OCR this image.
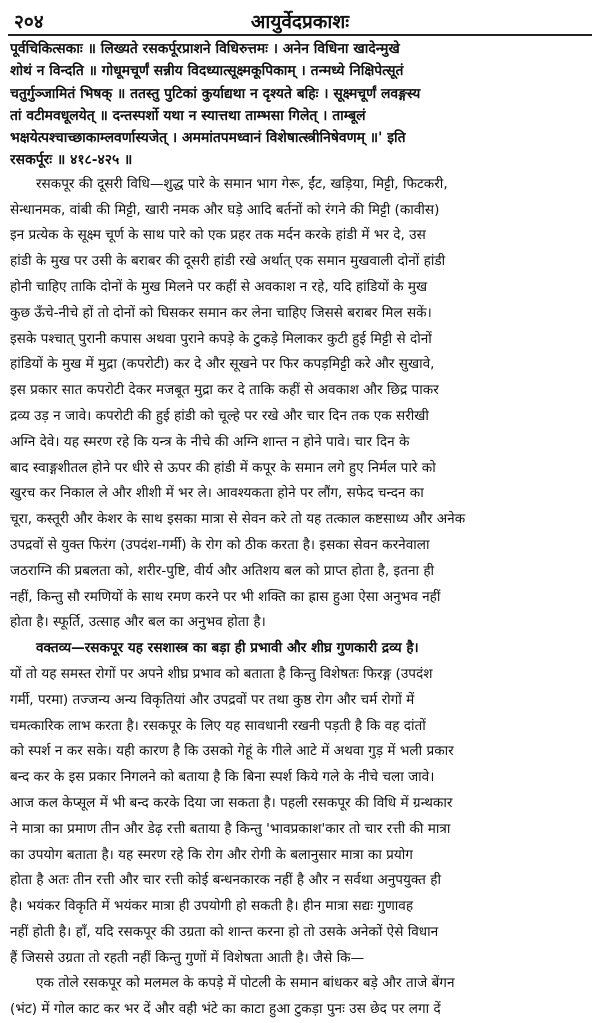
२०४	आयुर्वेदप्रकाशः
पूर्वचिकित्सकाः ॥ लिख्यते रसकर्पूरप्राशने विधिरुत्तमः । अनेन विधिना खादेन्मुखे
शोथं न विन्दति ॥ गोधूमचूर्णं सन्नीय विदध्यात्सूक्ष्मकूपिकाम् । तन्मध्ये निक्षिपेत्सूतं
चतुर्गुञ्जामितं भिषक् ॥ ततस्तु पुटिकां कुर्याद्यथा न दृश्यते बहिः । सूक्ष्मचूर्णं लवङ्गस्य
तां वटीमवधूलयेत् ॥ दन्तस्पर्शो यथा न स्यात्तथा ताम्भसा गिलेत् । ताम्बूलं
भक्षयेत्पश्चाच्छाकाम्लवर्णास्यजेत् । अममांतपमध्वानं विशेषात्स्त्रीनिषेवणम् ॥' इति
रसकर्पूरः ॥ ४१८-४२५ ॥
रसकपूर की दूसरी विधि—शुद्ध पारे के समान भाग गेरू, ईंट, खड़िया, मिट्टी, फिटकरी,
सेन्धानमक, वांबी की मिट्टी, खारी नमक और घड़े आदि बर्तनों को रंगने की मिट्टी (कावीस)
इन प्रत्येक के सूक्ष्म चूर्ण के साथ पारे को एक प्रहर तक मर्दन करके हांडी में भर दे, उस
हांडी के मुख पर उसी के बराबर की दूसरी हांडी रखे अर्थात् एक समान मुखवाली दोनों हांडी
होनी चाहिए ताकि दोनों के मुख मिलने पर कहीं से अवकाश न रहे, यदि हांडियों के मुख
कुछ ऊँचे-नीचे हों तो दोनों को घिसकर समान कर लेना चाहिए जिससे बराबर मिल सकें।
इसके पश्चात् पुरानी कपास अथवा पुराने कपड़े के टुकड़े मिलाकर कुटी हुई मिट्टी से दोनों
हांडियों के मुख में मुद्रा (कपरोटी) कर दे और सूखने पर फिर कपड़मिट्टी करे और सुखावे,
इस प्रकार सात कपरोटी देकर मजबूत मुद्रा कर दे ताकि कहीं से अवकाश और छिद्र पाकर
द्रव्य उड़ न जावे। कपरोटी की हुई हांडी को चूल्हे पर रखे और चार दिन तक एक सरीखी
अग्नि देवे। यह स्मरण रहे कि यन्त्र के नीचे की अग्नि शान्त न होने पावे। चार दिन के
बाद स्वाङ्गशीतल होने पर धीरे से ऊपर की हांडी में कपूर के समान लगे हुए निर्मल पारे को
खुरच कर निकाल ले और शीशी में भर ले। आवश्यकता होने पर लौंग, सफेद चन्दन का
चूरा, कस्तूरी और केशर के साथ इसका मात्रा से सेवन करे तो यह तत्काल कष्टसाध्य और अनेक
उपद्रवों से युक्त फिरंग (उपदंश-गर्मी) के रोग को ठीक करता है। इसका सेवन करनेवाला
जठराग्नि की प्रबलता को, शरीर-पुष्टि, वीर्य और अतिशय बल को प्राप्त होता है, इतना ही
नहीं, किन्तु सौ रमणियों के साथ रमण करने पर भी शक्ति का ह्रास हुआ ऐसा अनुभव नहीं
होता है। स्फूर्ति, उत्साह और बल का अनुभव होता है।
वक्तव्य—रसकपूर यह रसशास्त्र का बड़ा ही प्रभावी और शीघ्र गुणकारी द्रव्य है।
यों तो यह समस्त रोगों पर अपने शीघ्र प्रभाव को बताता है किन्तु विशेषतः फिरङ्ग (उपदंश
गर्मी, परमा) तज्जन्य अन्य विकृतियां और उपद्रवों पर तथा कुष्ठ रोग और चर्म रोगों में
चमत्कारिक लाभ करता है। रसकपूर के लिए यह सावधानी रखनी पड़ती है कि वह दांतों
को स्पर्श न कर सके। यही कारण है कि उसको गेहूं के गीले आटे में अथवा गुड़ में भली प्रकार
बन्द कर के इस प्रकार निगलने को बताया है कि बिना स्पर्श किये गले के नीचे चला जावे।
आज कल केप्सूल में भी बन्द करके दिया जा सकता है। पहली रसकपूर की विधि में ग्रन्थकार
ने मात्रा का प्रमाण तीन और डेढ़ रत्ती बताया है किन्तु 'भावप्रकाश'कार तो चार रत्ती की मात्रा
का उपयोग बताता है। यह स्मरण रहे कि रोग और रोगी के बलानुसार मात्रा का प्रयोग
होता है अतः तीन रत्ती और चार रत्ती कोई बन्धनकारक नहीं है और न सर्वथा अनुपयुक्त ही
है। भयंकर विकृति में भयंकर मात्रा ही उपयोगी हो सकती है। हीन मात्रा सद्यः गुणावह
नहीं होती है। हाँ, यदि रसकपूर की उग्रता को शान्त करना हो तो उसके अनेकों ऐसे विधान
हैं जिससे उग्रता तो रहती नहीं किन्तु गुणों में विशेषता आती है। जैसे कि—
एक तोले रसकपूर को मलमल के कपड़े में पोटली के समान बांधकर बड़े और ताजे बेंगन
(भंट) में गोल काट कर भर दें और वही भंटे का काटा हुआ टुकड़ा पुनः उस छेद पर लगा दें
